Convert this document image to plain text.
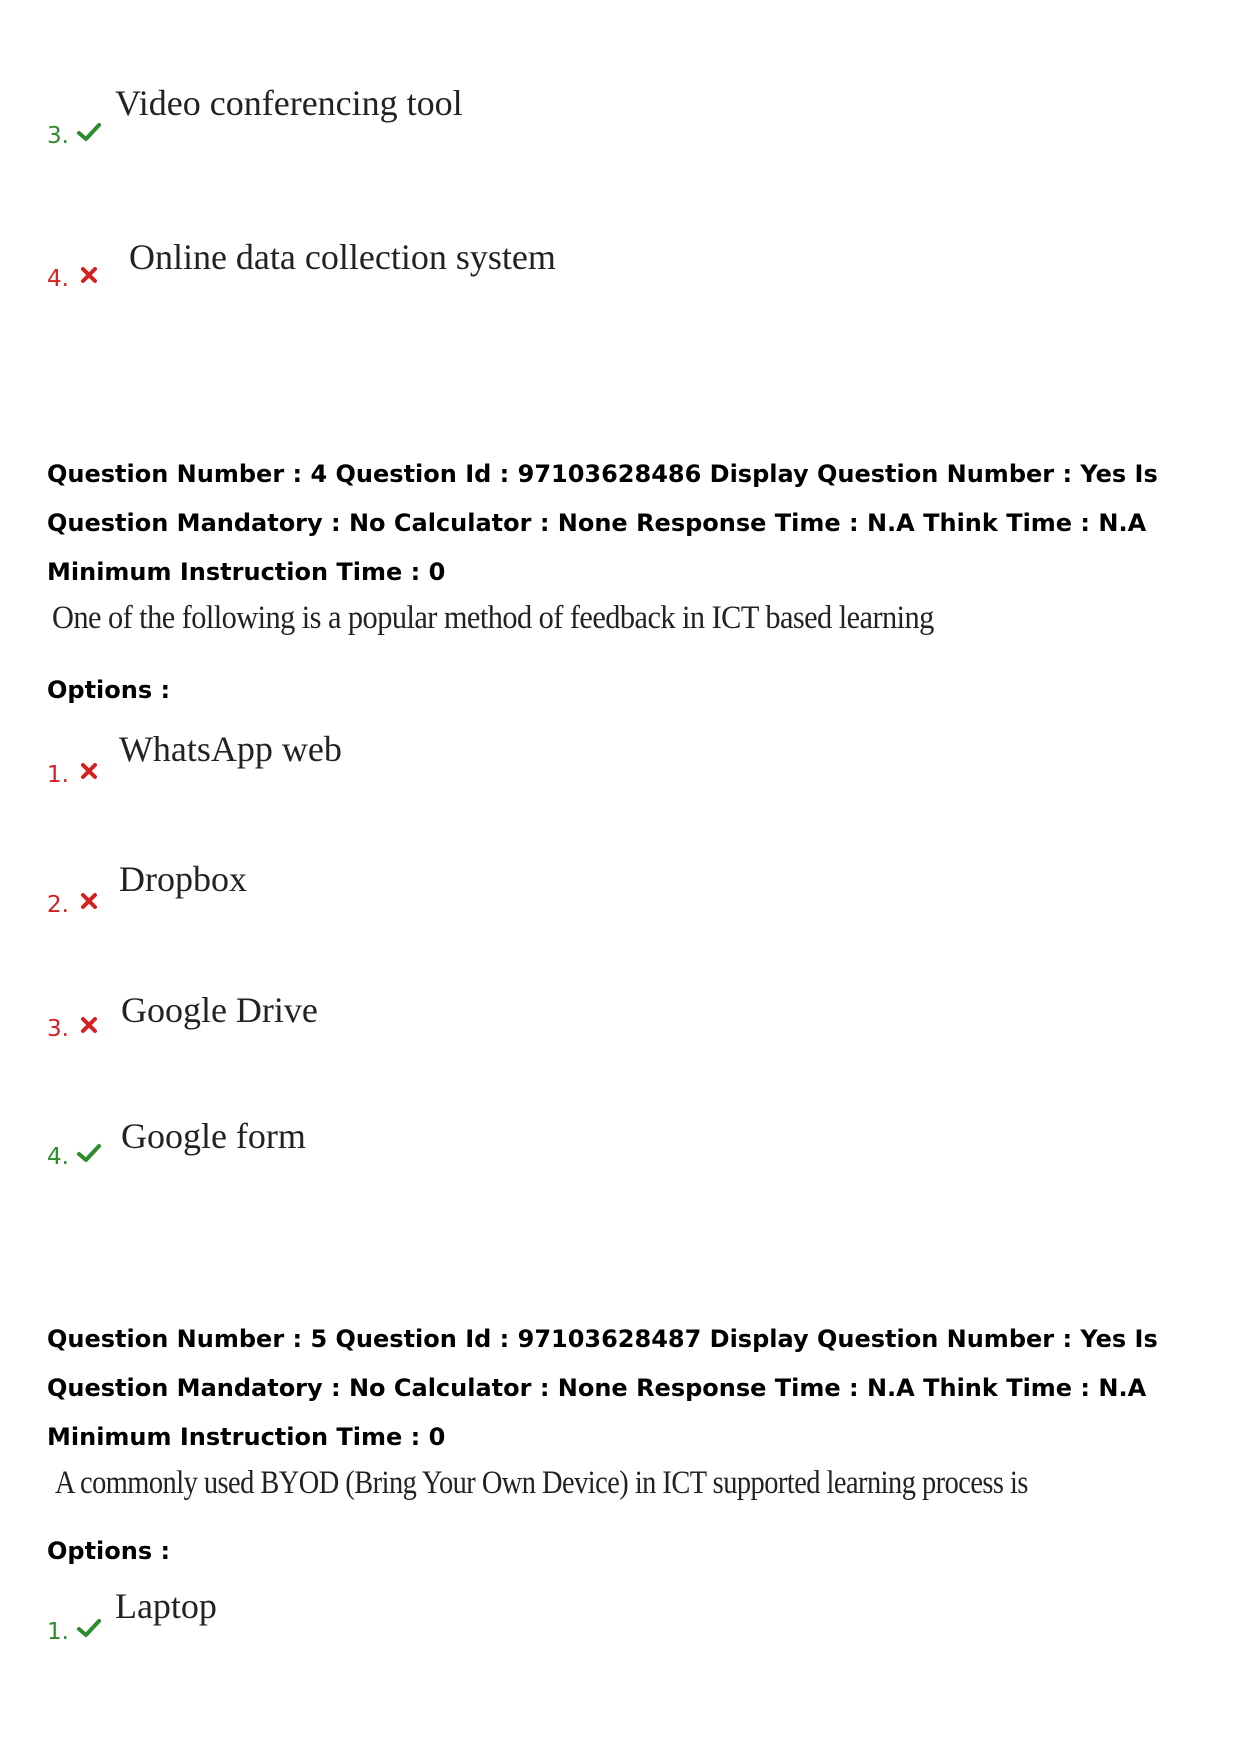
3.
Video conferencing tool
4.
Online data collection system
Question Number : 4 Question Id : 97103628486 Display Question Number : Yes Is Question Mandatory : No Calculator : None Response Time : N.A Think Time : N.A Minimum Instruction Time : 0
One of the following is a popular method of feedback in ICT based learning
Options :
1.
WhatsApp web
2.
Dropbox
3. Google Drive
4.
Google form
Question Number : 5 Question Id : 97103628487 Display Question Number : Yes Is Question Mandatory : No Calculator : None Response Time : N.A Think Time : N.A Minimum Instruction Time : 0
A commonly used BYOD (Bring Your Own Device) in ICT supported learning process is
Options :
1.
Laptop
